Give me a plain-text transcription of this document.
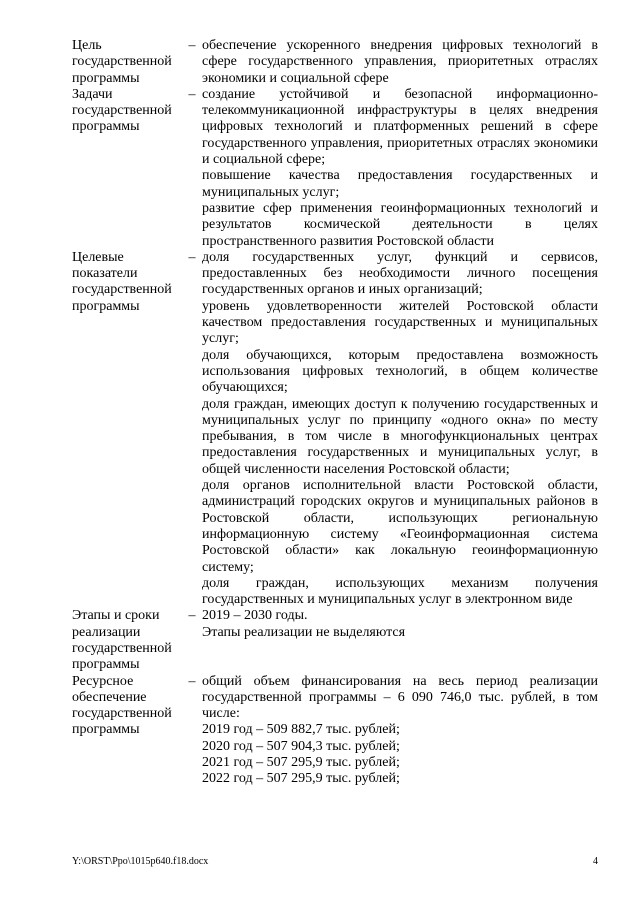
Цель государственной программы
– обеспечение ускоренного внедрения цифровых технологий в сфере государственного управления, приоритетных отраслях экономики и социальной сфере
Задачи государственной программы
– создание устойчивой и безопасной информационно-телекоммуникационной инфраструктуры в целях внедрения цифровых технологий и платформенных решений в сфере государственного управления, приоритетных отраслях экономики и социальной сфере;
повышение качества предоставления государственных и муниципальных услуг;
развитие сфер применения геоинформационных технологий и результатов космической деятельности в целях пространственного развития Ростовской области
Целевые показатели государственной программы
– доля государственных услуг, функций и сервисов, предоставленных без необходимости личного посещения государственных органов и иных организаций;
уровень удовлетворенности жителей Ростовской области качеством предоставления государственных и муниципальных услуг;
доля обучающихся, которым предоставлена возможность использования цифровых технологий, в общем количестве обучающихся;
доля граждан, имеющих доступ к получению государственных и муниципальных услуг по принципу «одного окна» по месту пребывания, в том числе в многофункциональных центрах предоставления государственных и муниципальных услуг, в общей численности населения Ростовской области;
доля органов исполнительной власти Ростовской области, администраций городских округов и муниципальных районов в Ростовской области, использующих региональную информационную систему «Геоинформационная система Ростовской области» как локальную геоинформационную систему;
доля граждан, использующих механизм получения государственных и муниципальных услуг в электронном виде
Этапы и сроки реализации государственной программы
– 2019 – 2030 годы.
Этапы реализации не выделяются
Ресурсное обеспечение государственной программы
– общий объем финансирования на весь период реализации государственной программы – 6 090 746,0 тыс. рублей, в том числе:
2019 год – 509 882,7 тыс. рублей;
2020 год – 507 904,3 тыс. рублей;
2021 год – 507 295,9 тыс. рублей;
2022 год – 507 295,9 тыс. рублей;
Y:\ORST\Ppo\1015p640.f18.docx	4
